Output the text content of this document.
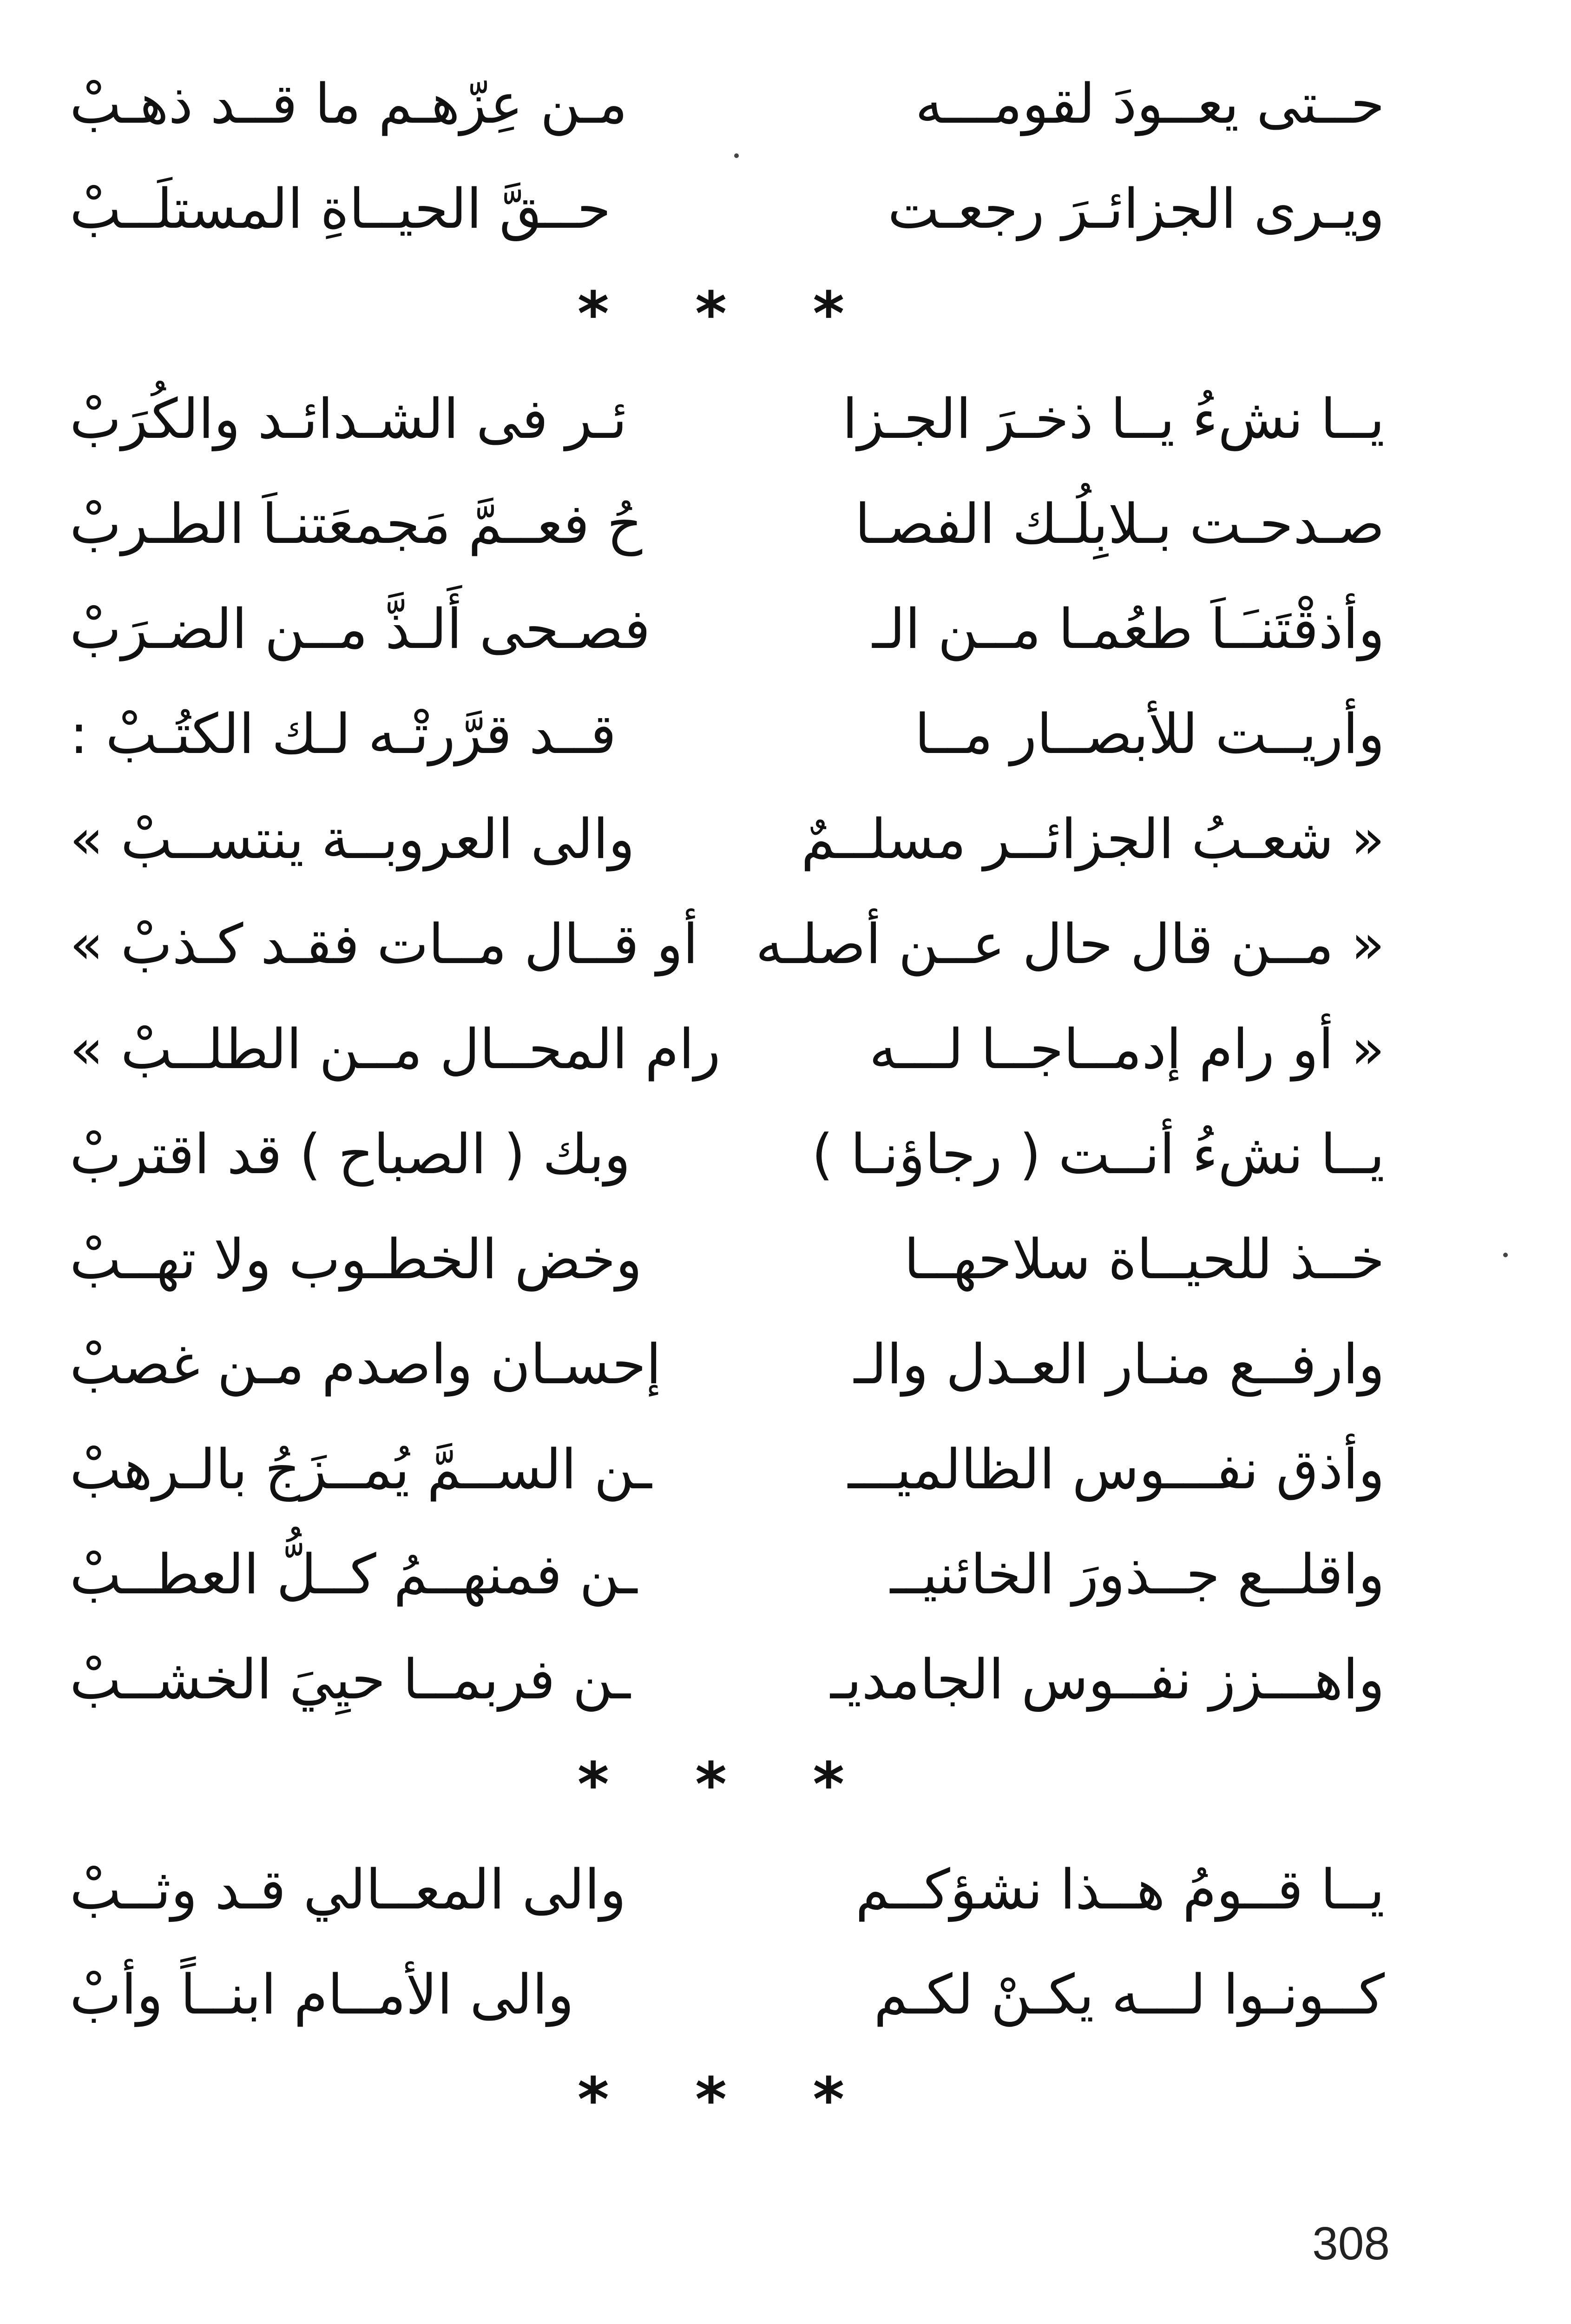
حــتى يعــودَ لقومـــه
مـن عِزّهـم ما قــد ذهـبْ
ويـرى الجزائـرَ رجعـت
حــقَّ الحيــاةِ المستلَــبْ
* * *
يــا نشءُ يــا ذخـرَ الجـزا
ئـر فى الشـدائـد والكُرَبْ
صـدحـت بـلابِلُـك الفصـا
حُ فعــمَّ مَجمعَتنـاَ الطـربْ
وأذقْتَنـَـاَ طعُمـا مــن الـ
فصـحى أَلـذَّ مــن الضـرَبْ
وأريــت للأبصــار مــا
قــد قرَّرتْـه لـك الكتُـبْ :
« شعـبُ الجزائــر مسلــمٌ
والى العروبــة ينتســبْ »
« مــن قال حال عــن أصلـه
أو قــال مــات فقـد كـذبْ »
« أو رام إدمــاجــا لـــه
رام المحــال مــن الطلــبْ »
يــا نشءُ أنــت ( رجاؤنـا )
وبك ( الصباح ) قد اقتربْ
خــذ للحيــاة سلاحهــا
وخض الخطـوب ولا تهــبْ
وارفــع منـار العـدل والـ
إحسـان واصدم مـن غصبْ
وأذق نفـــوس الظالميـــ
ـن الســمَّ يُمــزَجُ بالـرهبْ
واقلــع جــذورَ الخائنيــ
ـن فمنهــمُ كــلُّ العطــبْ
واهـــزز نفــوس الجامديـ
ـن فربمــا حيِيَ الخشــبْ
* * *
يــا قــومُ هــذا نشؤكــم
والى المعــالي قـد وثــبْ
كــونـوا لـــه يكـنْ لكـم
والى الأمــام ابنــاً وأبْ
* * *
308
